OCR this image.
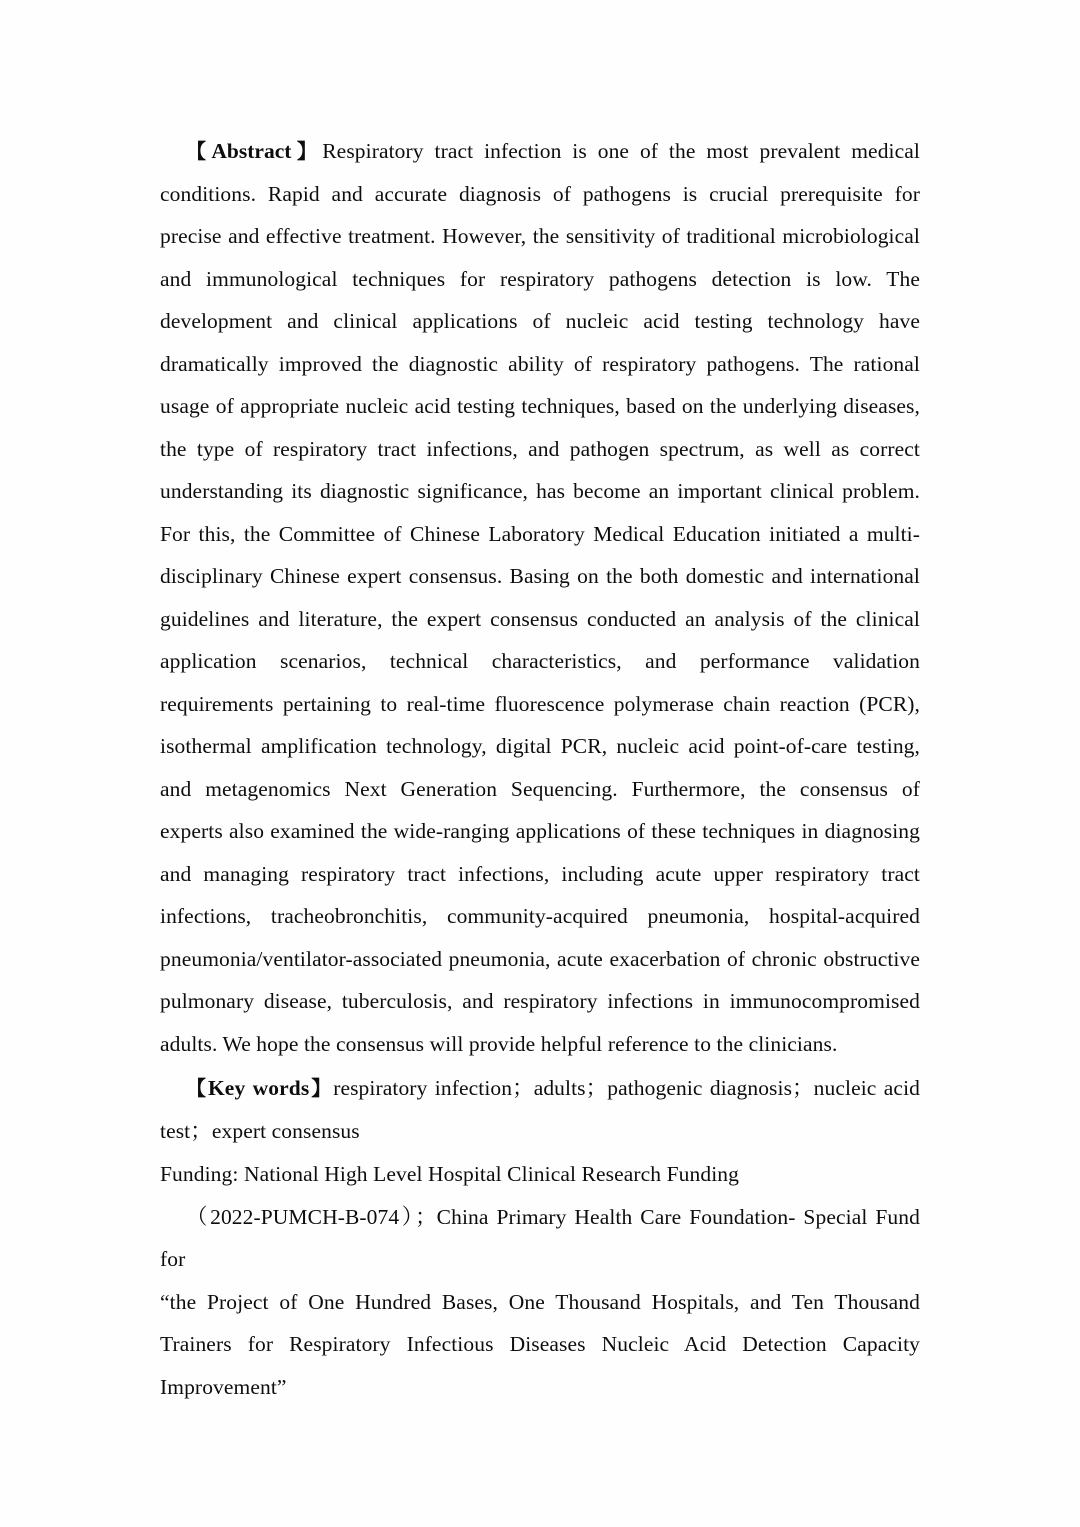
【Abstract】Respiratory tract infection is one of the most prevalent medical conditions. Rapid and accurate diagnosis of pathogens is crucial prerequisite for precise and effective treatment. However, the sensitivity of traditional microbiological and immunological techniques for respiratory pathogens detection is low. The development and clinical applications of nucleic acid testing technology have dramatically improved the diagnostic ability of respiratory pathogens. The rational usage of appropriate nucleic acid testing techniques, based on the underlying diseases, the type of respiratory tract infections, and pathogen spectrum, as well as correct understanding its diagnostic significance, has become an important clinical problem. For this, the Committee of Chinese Laboratory Medical Education initiated a multi-disciplinary Chinese expert consensus. Basing on the both domestic and international guidelines and literature, the expert consensus conducted an analysis of the clinical application scenarios, technical characteristics, and performance validation requirements pertaining to real-time fluorescence polymerase chain reaction (PCR), isothermal amplification technology, digital PCR, nucleic acid point-of-care testing, and metagenomics Next Generation Sequencing. Furthermore, the consensus of experts also examined the wide-ranging applications of these techniques in diagnosing and managing respiratory tract infections, including acute upper respiratory tract infections, tracheobronchitis, community-acquired pneumonia, hospital-acquired pneumonia/ventilator-associated pneumonia, acute exacerbation of chronic obstructive pulmonary disease, tuberculosis, and respiratory infections in immunocompromised adults. We hope the consensus will provide helpful reference to the clinicians.

【Key words】respiratory infection；adults；pathogenic diagnosis；nucleic acid test；expert consensus

Funding: National High Level Hospital Clinical Research Funding

（2022-PUMCH-B-074）；China Primary Health Care Foundation- Special Fund for

“the Project of One Hundred Bases, One Thousand Hospitals, and Ten Thousand Trainers for Respiratory Infectious Diseases Nucleic Acid Detection Capacity Improvement”
